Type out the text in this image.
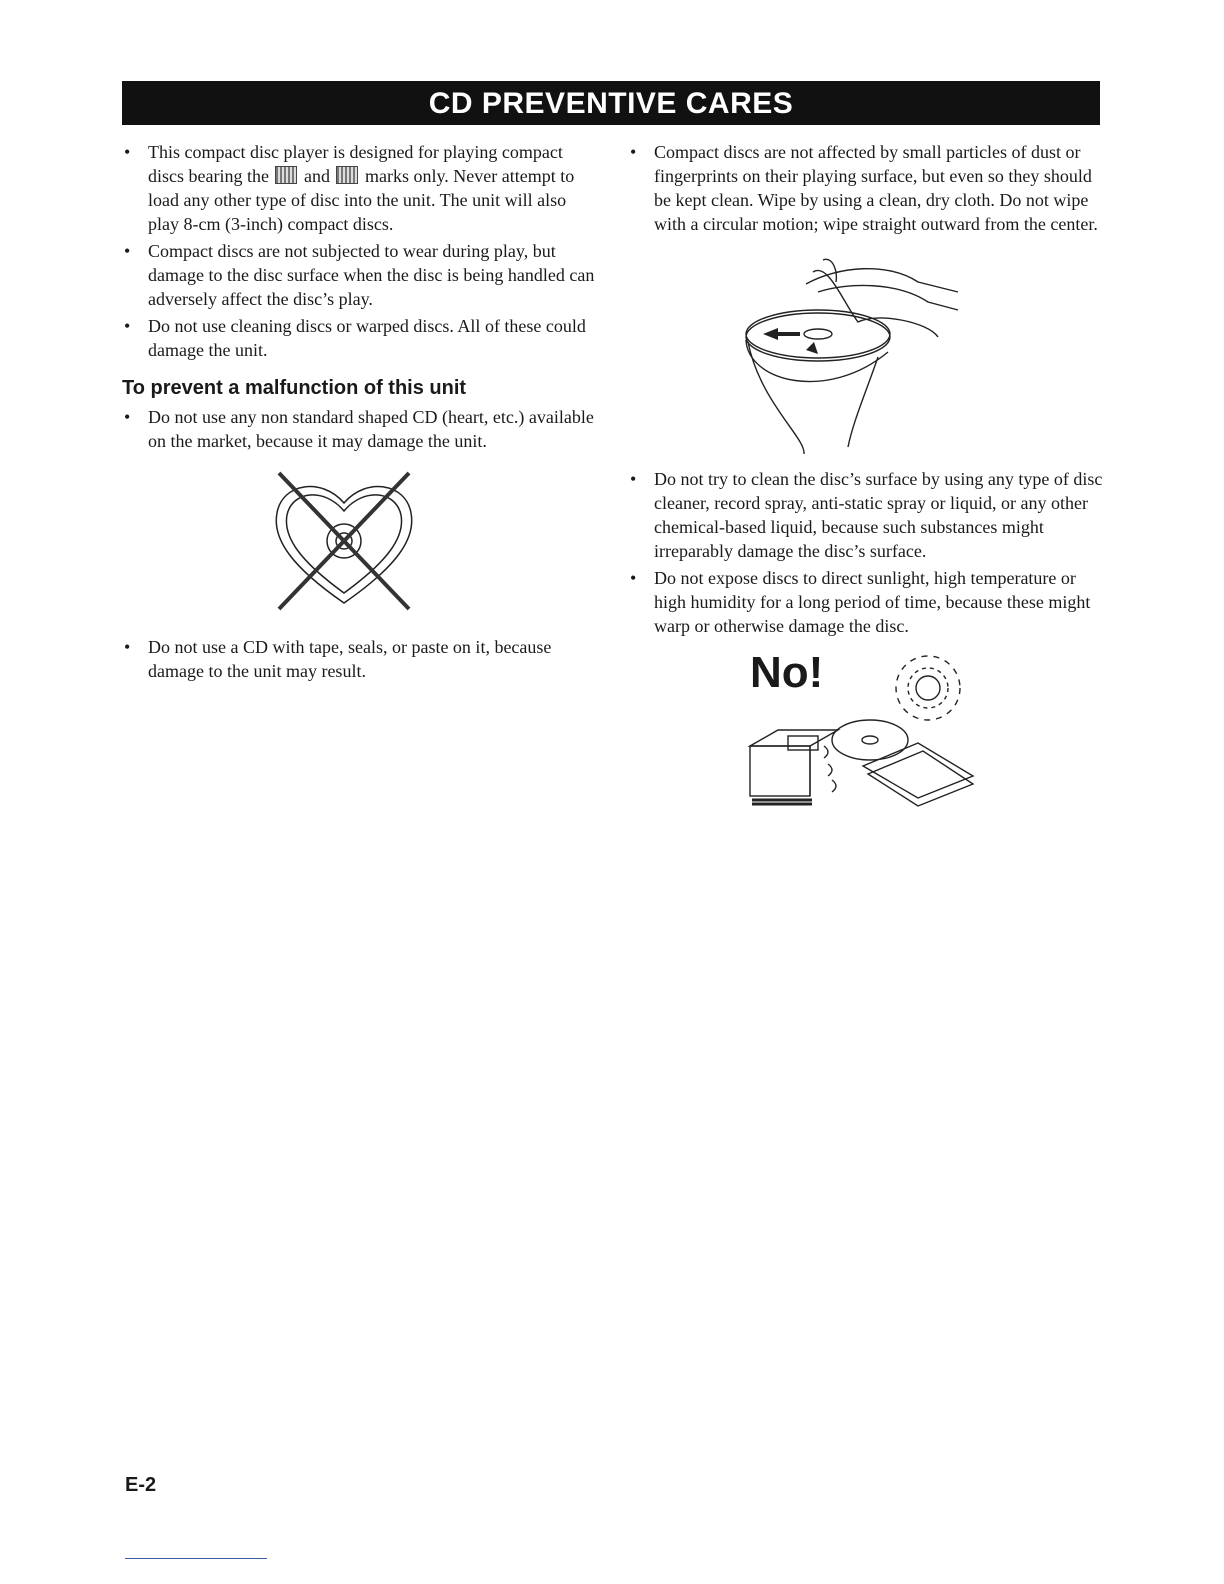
CD PREVENTIVE CARES
• This compact disc player is designed for playing compact discs bearing the and marks only. Never attempt to load any other type of disc into the unit. The unit will also play 8-cm (3-inch) compact discs.
• Compact discs are not subjected to wear during play, but damage to the disc surface when the disc is being handled can adversely affect the disc’s play.
• Do not use cleaning discs or warped discs. All of these could damage the unit.
To prevent a malfunction of this unit
• Do not use any non standard shaped CD (heart, etc.) available on the market, because it may damage the unit.
• Do not use a CD with tape, seals, or paste on it, because damage to the unit may result.
• Compact discs are not affected by small particles of dust or fingerprints on their playing surface, but even so they should be kept clean. Wipe by using a clean, dry cloth. Do not wipe with a circular motion; wipe straight outward from the center.
• Do not try to clean the disc’s surface by using any type of disc cleaner, record spray, anti-static spray or liquid, or any other chemical-based liquid, because such substances might irreparably damage the disc’s surface.
• Do not expose discs to direct sunlight, high temperature or high humidity for a long period of time, because these might warp or otherwise damage the disc.
No!
E-2
